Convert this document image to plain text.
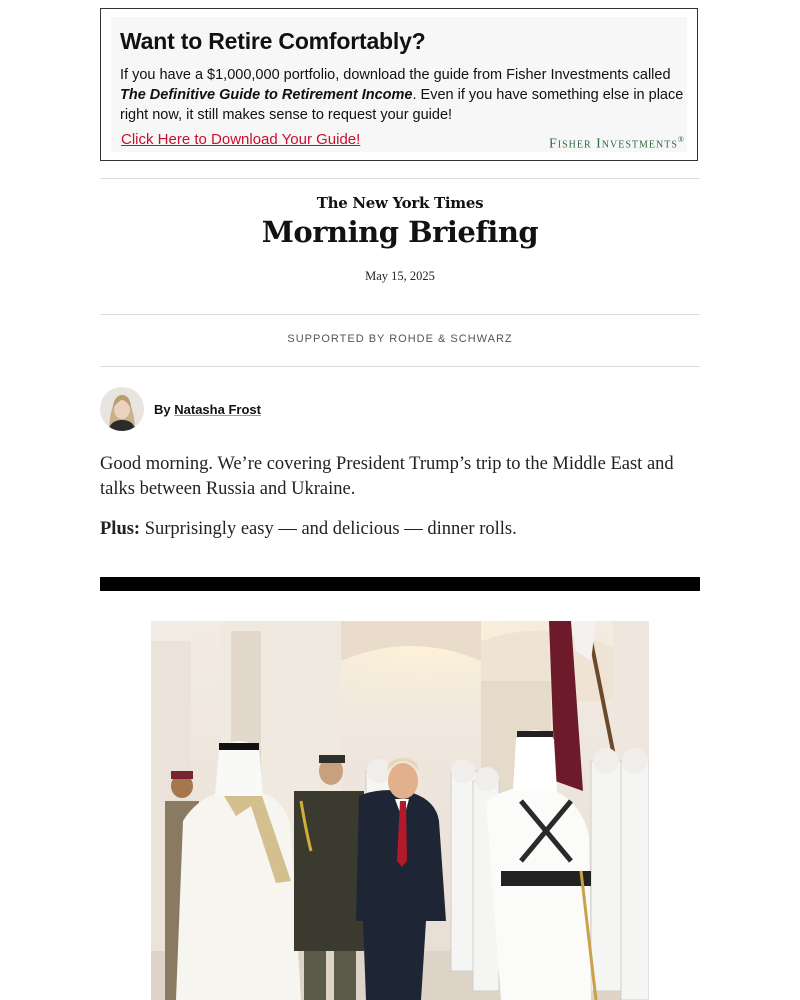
Want to Retire Comfortably?
If you have a $1,000,000 portfolio, download the guide from Fisher Investments called The Definitive Guide to Retirement Income. Even if you have something else in place right now, it still makes sense to request your guide!
Click Here to Download Your Guide!	Fisher Investments®
The New York Times
Morning Briefing
May 15, 2025
SUPPORTED BY ROHDE & SCHWARZ
By Natasha Frost
Good morning. We’re covering President Trump’s trip to the Middle East and talks between Russia and Ukraine.
Plus: Surprisingly easy — and delicious — dinner rolls.
